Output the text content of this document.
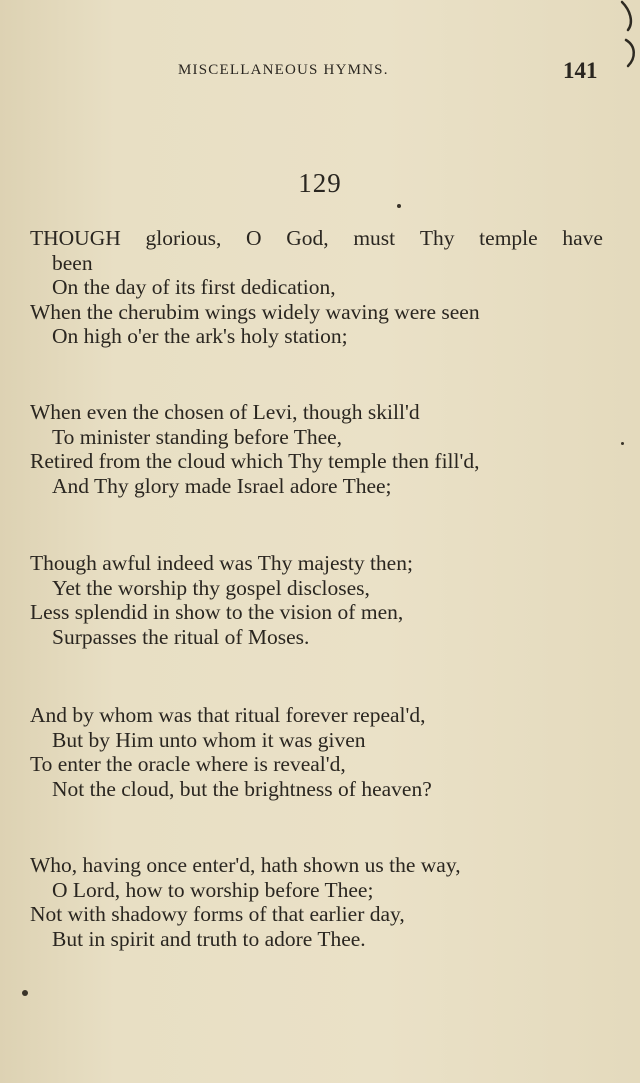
MISCELLANEOUS HYMNS.	141
129
THOUGH glorious, O God, must Thy temple have
been
On the day of its first dedication,
When the cherubim wings widely waving were seen
On high o'er the ark's holy station;
When even the chosen of Levi, though skill'd
To minister standing before Thee,
Retired from the cloud which Thy temple then fill'd,
And Thy glory made Israel adore Thee;
Though awful indeed was Thy majesty then;
Yet the worship thy gospel discloses,
Less splendid in show to the vision of men,
Surpasses the ritual of Moses.
And by whom was that ritual forever repeal'd,
But by Him unto whom it was given
To enter the oracle where is reveal'd,
Not the cloud, but the brightness of heaven?
Who, having once enter'd, hath shown us the way,
O Lord, how to worship before Thee;
Not with shadowy forms of that earlier day,
But in spirit and truth to adore Thee.
